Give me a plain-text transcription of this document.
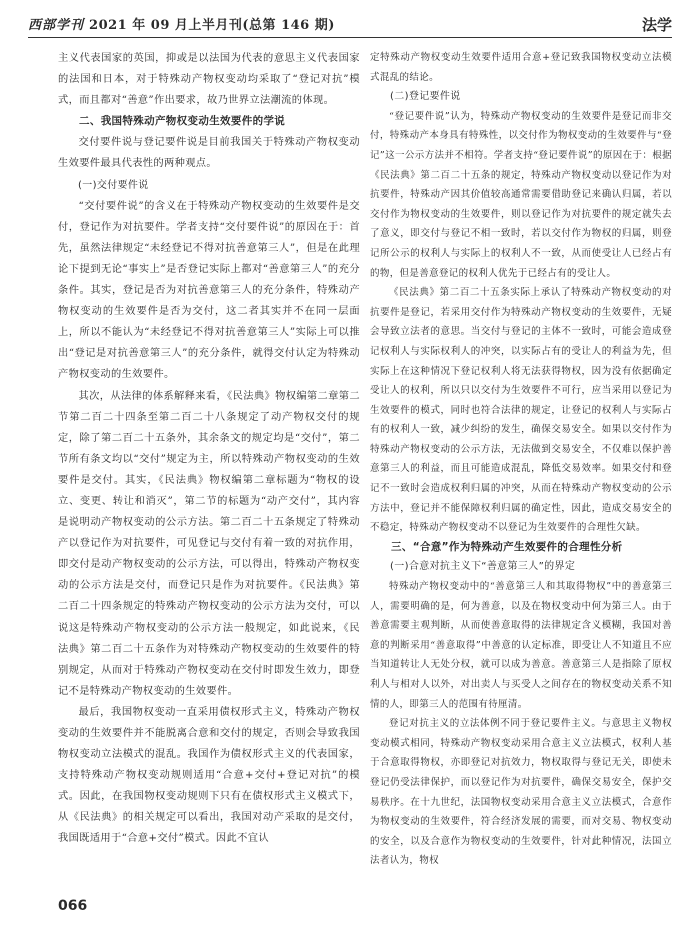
西部学刊 2021 年 09 月上半月刊(总第 146 期)	法学

主义代表国家的英国，抑或是以法国为代表的意思主义代表国家的法国和日本，对于特殊动产物权变动均采取了“登记对抗”模式，而且都对“善意”作出要求，故乃世界立法潮流的体现。

二、我国特殊动产物权变动生效要件的学说

交付要件说与登记要件说是目前我国关于特殊动产物权变动生效要件最具代表性的两种观点。

(一)交付要件说

“交付要件说”的含义在于特殊动产物权变动的生效要件是交付，登记作为对抗要件。学者支持“交付要件说”的原因在于：首先，虽然法律规定“未经登记不得对抗善意第三人”，但是在此理论下提到无论“事实上”是否登记实际上都对“善意第三人”的充分条件。其实，登记是否为对抗善意第三人的充分条件，特殊动产物权变动的生效要件是否为交付，这二者其实并不在同一层面上，所以不能认为“未经登记不得对抗善意第三人”实际上可以推出“登记是对抗善意第三人”的充分条件，就得交付认定为特殊动产物权变动的生效要件。

其次，从法律的体系解释来看，《民法典》物权编第二章第二节第二百二十四条至第二百二十八条规定了动产物权交付的规定，除了第二百二十五条外，其余条文的规定均是“交付”，第二节所有条文均以“交付”规定为主，所以特殊动产物权变动的生效要件是交付。其实，《民法典》物权编第二章标题为“物权的设立、变更、转让和消灭”，第二节的标题为“动产交付”，其内容是说明动产物权变动的公示方法。第二百二十五条规定了特殊动产以登记作为对抗要件，可见登记与交付有着一致的对抗作用，即交付是动产物权变动的公示方法，可以得出，特殊动产物权变动的公示方法是交付，而登记只是作为对抗要件。《民法典》第二百二十四条规定的特殊动产物权变动的公示方法为交付，可以说这是特殊动产物权变动的公示方法一般规定，如此说来，《民法典》第二百二十五条作为对特殊动产物权变动的生效要件的特别规定，从而对于特殊动产物权变动在交付时即发生效力，即登记不是特殊动产物权变动的生效要件。

最后，我国物权变动一直采用债权形式主义，特殊动产物权变动的生效要件并不能脱离合意和交付的规定，否则会导致我国物权变动立法模式的混乱。我国作为债权形式主义的代表国家，支持特殊动产物权变动规则适用“合意+交付+登记对抗”的模式。因此，在我国物权变动规则下只有在债权形式主义模式下，从《民法典》的相关规定可以看出，我国对动产采取的是交付，我国既适用于“合意+交付”模式。因此不宜认

定特殊动产物权变动生效要件适用合意+登记致我国物权变动立法模式混乱的结论。

(二)登记要件说

“登记要件说”认为，特殊动产物权变动的生效要件是登记而非交付，特殊动产本身具有特殊性，以交付作为物权变动的生效要件与“登记”这一公示方法并不相符。学者支持“登记要件说”的原因在于：根据《民法典》第二百二十五条的规定，特殊动产物权变动以登记作为对抗要件，特殊动产因其价值较高通常需要借助登记来确认归属，若以交付作为物权变动的生效要件，则以登记作为对抗要件的规定就失去了意义，即交付与登记不相一致时，若以交付作为物权的归属，则登记所公示的权利人与实际上的权利人不一致，从而使受让人已经占有的物，但是善意登记的权利人优先于已经占有的受让人。

《民法典》第二百二十五条实际上承认了特殊动产物权变动的对抗要件是登记，若采用交付作为特殊动产物权变动的生效要件，无疑会导致立法者的意思。当交付与登记的主体不一致时，可能会造成登记权利人与实际权利人的冲突，以实际占有的受让人的利益为先，但实际上在这种情况下登记权利人将无法获得物权，因为没有依据确定受让人的权利，所以只以交付为生效要件不可行，应当采用以登记为生效要件的模式，同时也符合法律的规定，让登记的权利人与实际占有的权利人一致，减少纠纷的发生，确保交易安全。如果以交付作为特殊动产物权变动的公示方法，无法做到交易安全，不仅难以保护善意第三人的利益，而且可能造成混乱，降低交易效率。如果交付和登记不一致时会造成权利归属的冲突，从而在特殊动产物权变动的公示方法中，登记并不能保障权利归属的确定性，因此，造成交易安全的不稳定，特殊动产物权变动不以登记为生效要件的合理性欠缺。

三、“合意”作为特殊动产生效要件的合理性分析

(一)合意对抗主义下“善意第三人”的界定

特殊动产物权变动中的“善意第三人和其取得物权”中的善意第三人，需要明确的是，何为善意，以及在物权变动中何为第三人。由于善意需要主观判断，从而使善意取得的法律规定含义模糊，我国对善意的判断采用“善意取得”中善意的认定标准，即受让人不知道且不应当知道转让人无处分权，就可以成为善意。善意第三人是指除了原权利人与相对人以外，对出卖人与买受人之间存在的物权变动关系不知情的人，即第三人的范围有待厘清。

登记对抗主义的立法体例不同于登记要件主义。与意思主义物权变动模式相同，特殊动产物权变动采用合意主义立法模式，权利人基于合意取得物权，亦即登记对抗效力，物权取得与登记无关，即使未登记仍受法律保护，而以登记作为对抗要件，确保交易安全，保护交易秩序。在十九世纪，法国物权变动采用合意主义立法模式，合意作为物权变动的生效要件，符合经济发展的需要，而对交易、物权变动的安全，以及合意作为物权变动的生效要件，针对此种情况，法国立法者认为，物权

066
